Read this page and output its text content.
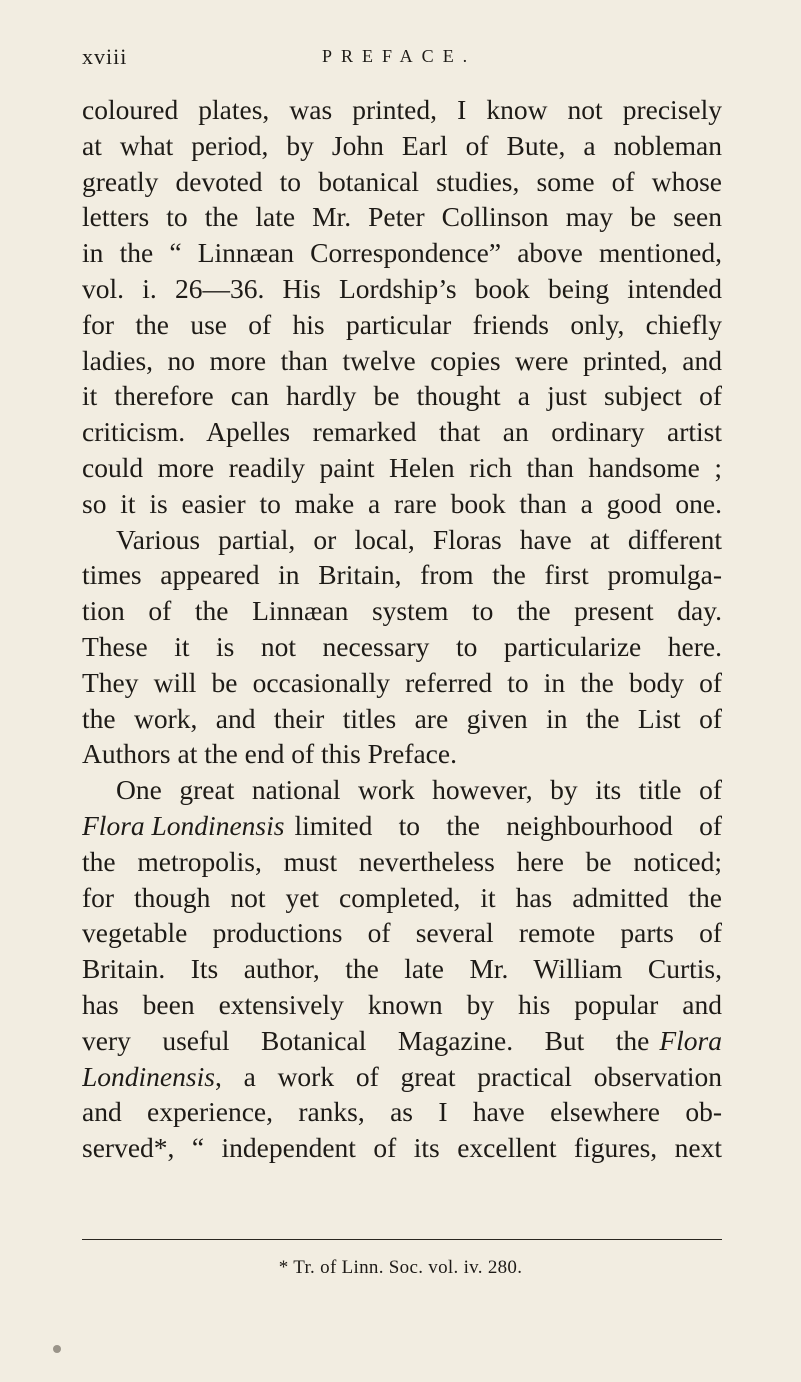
xviii	PREFACE.
coloured plates, was printed, I know not precisely
at what period, by John Earl of Bute, a nobleman
greatly devoted to botanical studies, some of whose
letters to the late Mr. Peter Collinson may be seen
in the “ Linnæan Correspondence” above mentioned,
vol. i. 26—36. His Lordship’s book being intended
for the use of his particular friends only, chiefly
ladies, no more than twelve copies were printed, and
it therefore can hardly be thought a just subject of
criticism. Apelles remarked that an ordinary artist
could more readily paint Helen rich than handsome ;
so it is easier to make a rare book than a good one.
Various partial, or local, Floras have at different
times appeared in Britain, from the first promulga-
tion of the Linnæan system to the present day.
These it is not necessary to particularize here.
They will be occasionally referred to in the body of
the work, and their titles are given in the List of
Authors at the end of this Preface.
One great national work however, by its title of
Flora Londinensis limited to the neighbourhood of
the metropolis, must nevertheless here be noticed;
for though not yet completed, it has admitted the
vegetable productions of several remote parts of
Britain. Its author, the late Mr. William Curtis,
has been extensively known by his popular and
very useful Botanical Magazine. But the Flora
Londinensis , a work of great practical observation
and experience, ranks, as I have elsewhere ob-
served*, “ independent of its excellent figures, next
* Tr. of Linn. Soc. vol. iv. 280.
